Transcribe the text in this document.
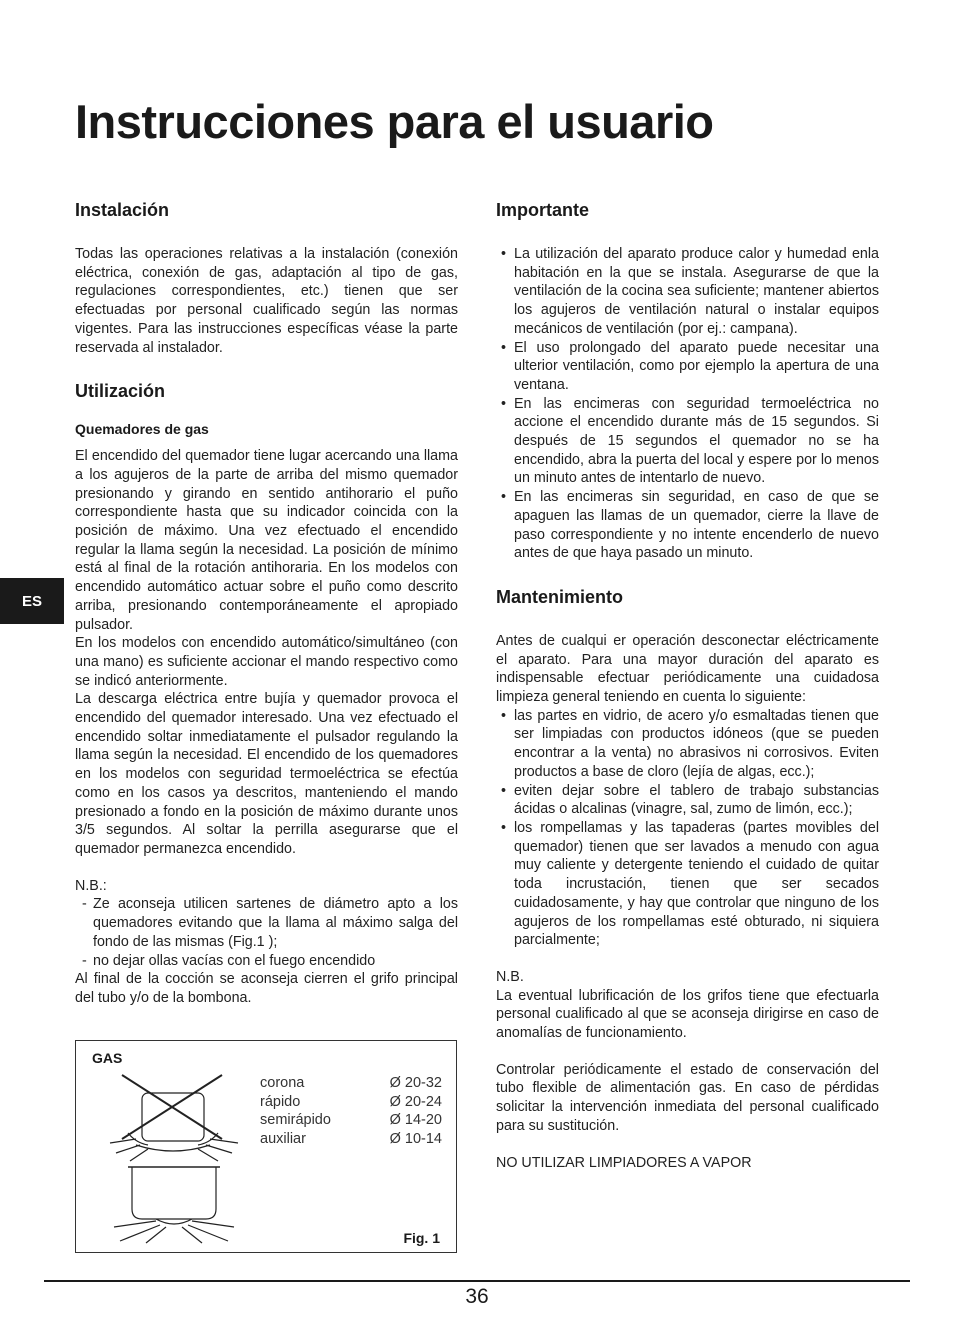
Instrucciones para el usuario
ES
Instalación

Todas las operaciones relativas a la instalación (conexión eléctrica, conexión de gas, adaptación al tipo de gas, regulaciones correspondientes, etc.) tienen que ser efectuadas por personal cualificado según las normas vigentes. Para las instrucciones específicas véase la parte reservada al instalador.

Utilización
Quemadores de gas

El encendido del quemador tiene lugar acercando una llama a los agujeros de la parte de arriba del mismo quemador presionando y girando en sentido antihorario el puño correspondiente hasta que su indicador coincida con la posición de máximo. Una vez efectuado el encendido regular la llama según la necesidad. La posición de mínimo está al final de la rotación antihoraria. En los modelos con encendido automático actuar sobre el puño como descrito arriba, presionando contemporáneamente el apropiado pulsador.

En los modelos con encendido automático/simultáneo (con una mano) es suficiente accionar el mando respectivo como se indicó anteriormente.

La descarga eléctrica entre bujía y quemador provoca el encendido del quemador interesado. Una vez efectuado el encendido soltar inmediatamente el pulsador regulando la llama según la necesidad. El encendido de los quemadores en los modelos con seguridad termoeléctrica se efectúa como en los casos ya descritos, manteniendo el mando presionado a fondo en la posición de máximo durante unos 3/5 segundos. Al soltar la perrilla asegurarse que el quemador permanezca encendido.

N.B.:

- Ze aconseja utilicen sartenes de diámetro apto a los quemadores evitando que la llama al máximo salga del fondo de las mismas (Fig.1 );
- no dejar ollas vacías con el fuego encendido

Al final de la cocción se aconseja cierren el grifo principal del tubo y/o de la bombona.

GAS
corona	Ø 20-32
rápido	Ø 20-24
semirápido	Ø 14-20
auxiliar	Ø 10-14
Fig. 1
Importante
• La utilización del aparato produce calor y humedad enla habitación en la que se instala. Asegurarse de que la ventilación de la cocina sea suficiente; mantener abiertos los agujeros de ventilación natural o instalar equipos mecánicos de ventilación (por ej.: campana).
• El uso prolongado del aparato puede necesitar una ulterior ventilación, como por ejemplo la apertura de una ventana.
• En las encimeras con seguridad termoeléctrica no accione el encendido durante más de 15 segundos. Si después de 15 segundos el quemador no se ha encendido, abra la puerta del local y espere por lo menos un minuto antes de intentarlo de nuevo.
• En las encimeras sin seguridad, en caso de que se apaguen las llamas de un quemador, cierre la llave de paso correspondiente y no intente encenderlo de nuevo antes de que haya pasado un minuto.
Mantenimiento

Antes de cualqui er operación desconectar eléctricamente el aparato. Para una mayor duración del aparato es indispensable efectuar periódicamente una cuidadosa limpieza general teniendo en cuenta lo siguiente:

• las partes en vidrio, de acero y/o esmaltadas tienen que ser limpiadas con productos idóneos (que se pueden encontrar a la venta) no abrasivos ni corrosivos. Eviten productos a base de cloro (lejía de algas, ecc.);
• eviten dejar sobre el tablero de trabajo substancias ácidas o alcalinas (vinagre, sal, zumo de limón, ecc.);
• los rompellamas y las tapaderas (partes movibles del quemador) tienen que ser lavados a menudo con agua muy caliente y detergente teniendo el cuidado de quitar toda incrustación, tienen que ser secados cuidadosamente, y hay que controlar que ninguno de los agujeros de los rompellamas esté obturado, ni siquiera parcialmente;

N.B.

La eventual lubrificación de los grifos tiene que efectuarla personal cualificado al que se aconseja dirigirse en caso de anomalías de funcionamiento.

Controlar periódicamente el estado de conservación del tubo flexible de alimentación gas. En caso de pérdidas solicitar la intervención inmediata del personal cualificado para su sustitución.

NO UTILIZAR LIMPIADORES A VAPOR

36
